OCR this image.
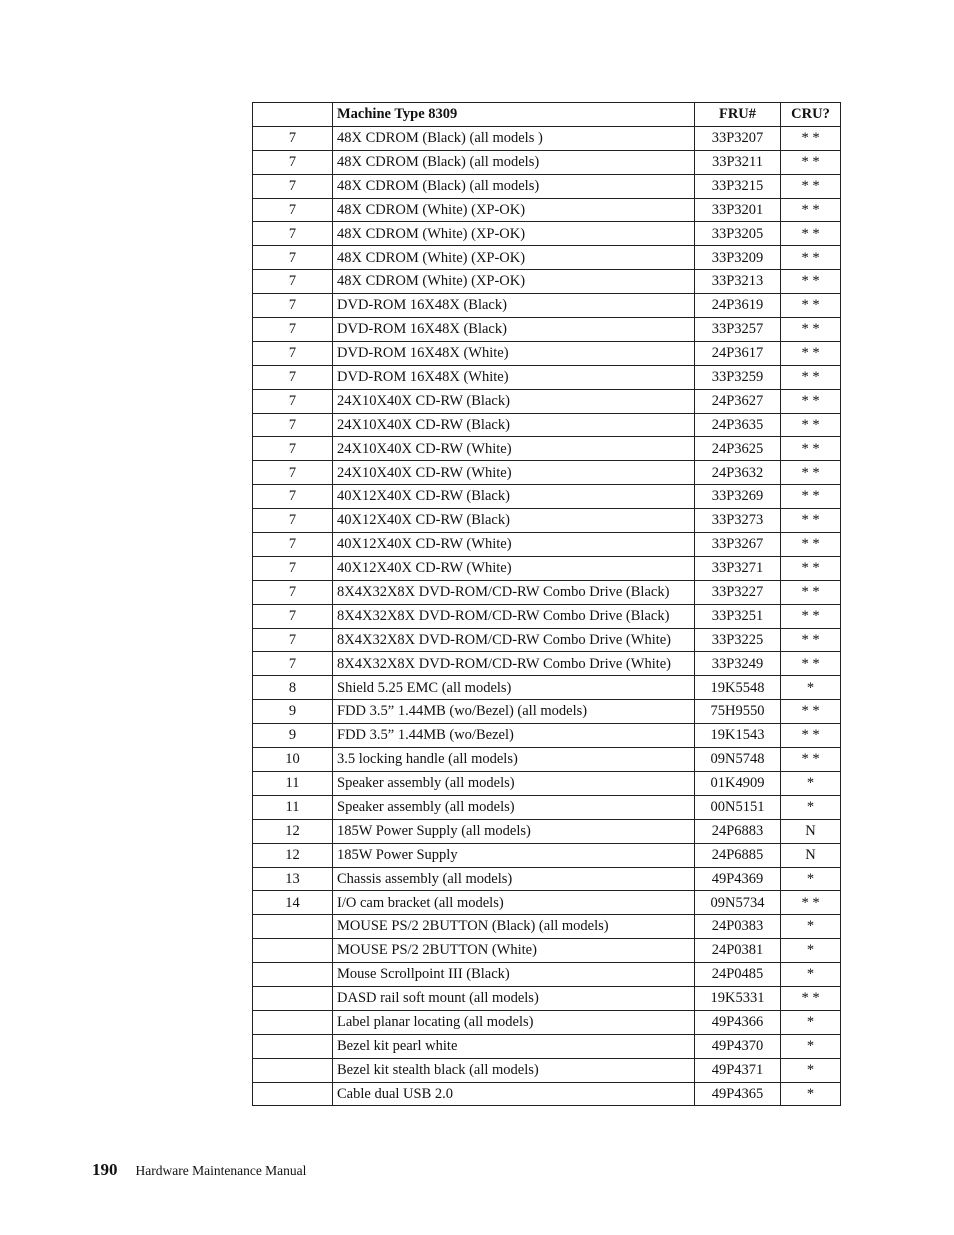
	Machine Type 8309	FRU#	CRU?
7	48X CDROM (Black) (all models )	33P3207	* *
7	48X CDROM (Black) (all models)	33P3211	* *
7	48X CDROM (Black) (all models)	33P3215	* *
7	48X CDROM (White) (XP-OK)	33P3201	* *
7	48X CDROM (White) (XP-OK)	33P3205	* *
7	48X CDROM (White) (XP-OK)	33P3209	* *
7	48X CDROM (White) (XP-OK)	33P3213	* *
7	DVD-ROM 16X48X (Black)	24P3619	* *
7	DVD-ROM 16X48X (Black)	33P3257	* *
7	DVD-ROM 16X48X (White)	24P3617	* *
7	DVD-ROM 16X48X (White)	33P3259	* *
7	24X10X40X CD-RW (Black)	24P3627	* *
7	24X10X40X CD-RW (Black)	24P3635	* *
7	24X10X40X CD-RW (White)	24P3625	* *
7	24X10X40X CD-RW (White)	24P3632	* *
7	40X12X40X CD-RW (Black)	33P3269	* *
7	40X12X40X CD-RW (Black)	33P3273	* *
7	40X12X40X CD-RW (White)	33P3267	* *
7	40X12X40X CD-RW (White)	33P3271	* *
7	8X4X32X8X DVD-ROM/CD-RW Combo Drive (Black)	33P3227	* *
7	8X4X32X8X DVD-ROM/CD-RW Combo Drive (Black)	33P3251	* *
7	8X4X32X8X DVD-ROM/CD-RW Combo Drive (White)	33P3225	* *
7	8X4X32X8X DVD-ROM/CD-RW Combo Drive (White)	33P3249	* *
8	Shield 5.25 EMC (all models)	19K5548	*
9	FDD 3.5” 1.44MB (wo/Bezel) (all models)	75H9550	* *
9	FDD 3.5” 1.44MB (wo/Bezel)	19K1543	* *
10	3.5 locking handle (all models)	09N5748	* *
11	Speaker assembly (all models)	01K4909	*
11	Speaker assembly (all models)	00N5151	*
12	185W Power Supply (all models)	24P6883	N
12	185W Power Supply	24P6885	N
13	Chassis assembly (all models)	49P4369	*
14	I/O cam bracket (all models)	09N5734	* *
	MOUSE PS/2 2BUTTON (Black) (all models)	24P0383	*
	MOUSE PS/2 2BUTTON (White)	24P0381	*
	Mouse Scrollpoint III (Black)	24P0485	*
	DASD rail soft mount (all models)	19K5331	* *
	Label planar locating (all models)	49P4366	*
	Bezel kit pearl white	49P4370	*
	Bezel kit stealth black (all models)	49P4371	*
	Cable dual USB 2.0	49P4365	*
190 Hardware Maintenance Manual
